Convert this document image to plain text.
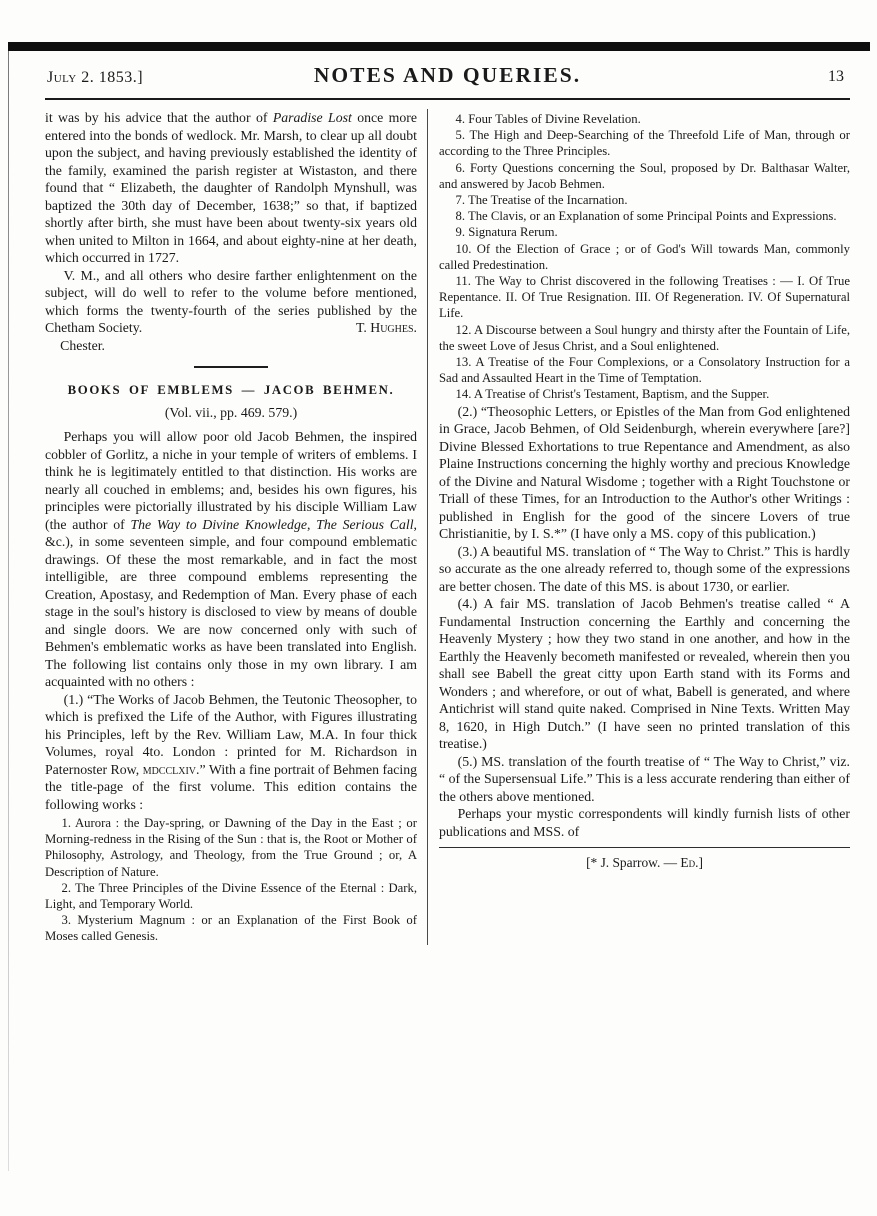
July 2. 1853.]	NOTES AND QUERIES.	13

it was by his advice that the author of Paradise Lost once more entered into the bonds of wedlock. Mr. Marsh, to clear up all doubt upon the subject, and having previously established the identity of the family, examined the parish register at Wistaston, and there found that “ Elizabeth, the daughter of Randolph Mynshull, was baptized the 30th day of December, 1638;” so that, if baptized shortly after birth, she must have been about twenty-six years old when united to Milton in 1664, and about eighty-nine at her death, which occurred in 1727.

V. M., and all others who desire farther enlightenment on the subject, will do well to refer to the volume before mentioned, which forms the twenty-fourth of the series published by the Chetham Society.	T. Hughes.

Chester.

BOOKS OF EMBLEMS — JACOB BEHMEN.
(Vol. vii., pp. 469. 579.)

Perhaps you will allow poor old Jacob Behmen, the inspired cobbler of Gorlitz, a niche in your temple of writers of emblems. I think he is legitimately entitled to that distinction. His works are nearly all couched in emblems; and, besides his own figures, his principles were pictorially illustrated by his disciple William Law (the author of The Way to Divine Knowledge, The Serious Call, &c.), in some seventeen simple, and four compound emblematic drawings. Of these the most remarkable, and in fact the most intelligible, are three compound emblems representing the Creation, Apostasy, and Redemption of Man. Every phase of each stage in the soul's history is disclosed to view by means of double and single doors. We are now concerned only with such of Behmen's emblematic works as have been translated into English. The following list contains only those in my own library. I am acquainted with no others :

(1.) “The Works of Jacob Behmen, the Teutonic Theosopher, to which is prefixed the Life of the Author, with Figures illustrating his Principles, left by the Rev. William Law, M.A. In four thick Volumes, royal 4to. London : printed for M. Richardson in Paternoster Row, mdcclxiv.” With a fine portrait of Behmen facing the title-page of the first volume. This edition contains the following works :

1. Aurora : the Day-spring, or Dawning of the Day in the East ; or Morning-redness in the Rising of the Sun : that is, the Root or Mother of Philosophy, Astrology, and Theology, from the True Ground ; or, A Description of Nature.

2. The Three Principles of the Divine Essence of the Eternal : Dark, Light, and Temporary World.

3. Mysterium Magnum : or an Explanation of the First Book of Moses called Genesis.

4. Four Tables of Divine Revelation.

5. The High and Deep-Searching of the Threefold Life of Man, through or according to the Three Principles.

6. Forty Questions concerning the Soul, proposed by Dr. Balthasar Walter, and answered by Jacob Behmen.

7. The Treatise of the Incarnation.

8. The Clavis, or an Explanation of some Principal Points and Expressions.

9. Signatura Rerum.

10. Of the Election of Grace ; or of God's Will towards Man, commonly called Predestination.

11. The Way to Christ discovered in the following Treatises : — I. Of True Repentance. II. Of True Resignation. III. Of Regeneration. IV. Of Supernatural Life.

12. A Discourse between a Soul hungry and thirsty after the Fountain of Life, the sweet Love of Jesus Christ, and a Soul enlightened.

13. A Treatise of the Four Complexions, or a Consolatory Instruction for a Sad and Assaulted Heart in the Time of Temptation.

14. A Treatise of Christ's Testament, Baptism, and the Supper.

(2.) “Theosophic Letters, or Epistles of the Man from God enlightened in Grace, Jacob Behmen, of Old Seidenburgh, wherein everywhere [are?] Divine Blessed Exhortations to true Repentance and Amendment, as also Plaine Instructions concerning the highly worthy and precious Knowledge of the Divine and Natural Wisdome ; together with a Right Touchstone or Triall of these Times, for an Introduction to the Author's other Writings : published in English for the good of the sincere Lovers of true Christianitie, by I. S.*” (I have only a MS. copy of this publication.)

(3.) A beautiful MS. translation of “ The Way to Christ.” This is hardly so accurate as the one already referred to, though some of the expressions are better chosen. The date of this MS. is about 1730, or earlier.

(4.) A fair MS. translation of Jacob Behmen's treatise called “ A Fundamental Instruction concerning the Earthly and concerning the Heavenly Mystery ; how they two stand in one another, and how in the Earthly the Heavenly becometh manifested or revealed, wherein then you shall see Babell the great citty upon Earth stand with its Forms and Wonders ; and wherefore, or out of what, Babell is generated, and where Antichrist will stand quite naked. Comprised in Nine Texts. Written May 8, 1620, in High Dutch.” (I have seen no printed translation of this treatise.)

(5.) MS. translation of the fourth treatise of “ The Way to Christ,” viz. “ of the Supersensual Life.” This is a less accurate rendering than either of the others above mentioned.

Perhaps your mystic correspondents will kindly furnish lists of other publications and MSS. of

[* J. Sparrow. — Ed.]
